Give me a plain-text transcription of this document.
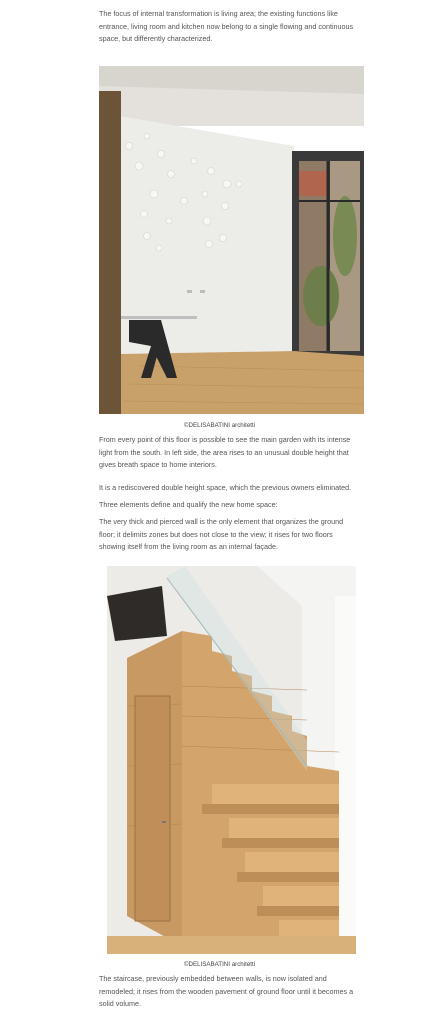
The focus of internal transformation is living area; the existing functions like entrance, living room and kitchen now belong to a single flowing and continuous space, but differently characterized.

©DELISABATINI architetti

From every point of this floor is possible to see the main garden with its intense light from the south. In left side, the area rises to an unusual double height that gives breath space to home interiors.

It is a rediscovered double height space, which the previous owners eliminated.

Three elements define and qualify the new home space:

The very thick and pierced wall is the only element that organizes the ground floor; it delimits zones but does not close to the view; it rises for two floors showing itself from the living room as an internal façade.

©DELISABATINI architetti

The staircase, previously embedded between walls, is now isolated and remodeled; it rises from the wooden pavement of ground floor until it becomes a solid volume.
